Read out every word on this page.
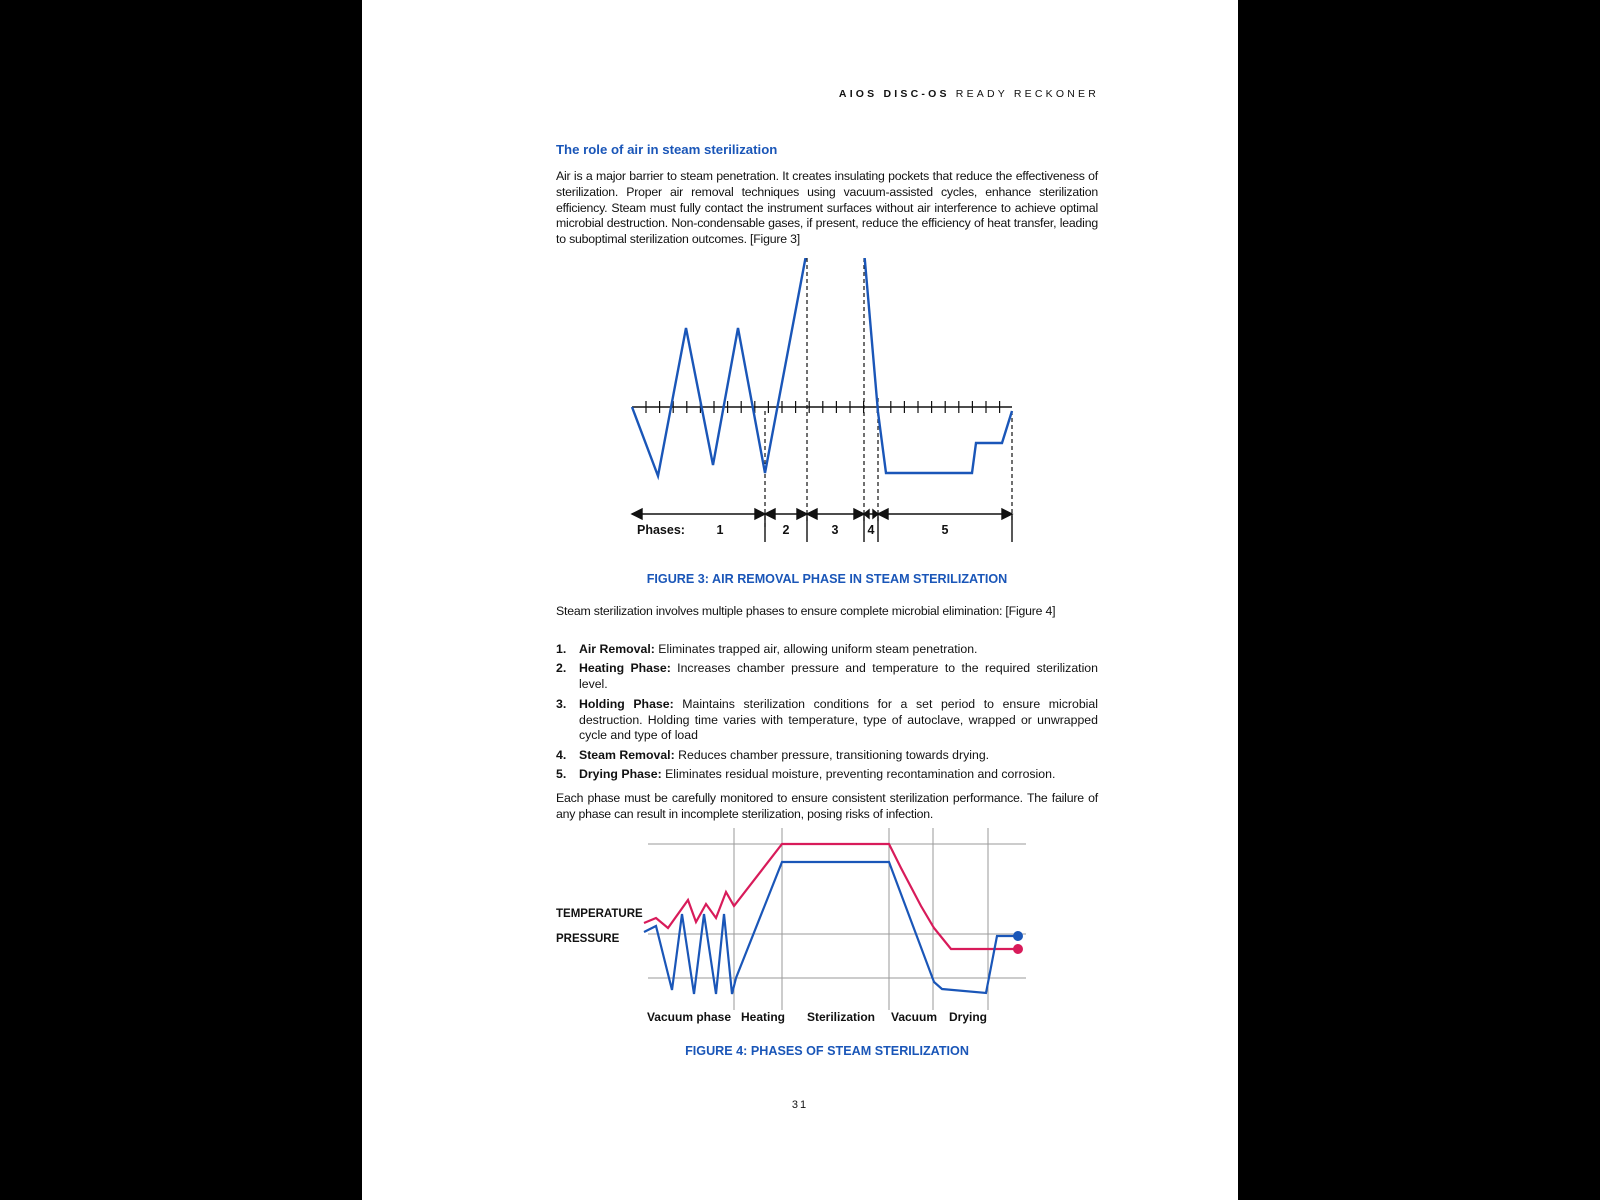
AIOS DISC-OS READY RECKONER
The role of air in steam sterilization

Air is a major barrier to steam penetration. It creates insulating pockets that reduce the effectiveness of sterilization. Proper air removal techniques using vacuum-assisted cycles, enhance sterilization efficiency. Steam must fully contact the instrument surfaces without air interference to achieve optimal microbial destruction. Non-condensable gases, if present, reduce the efficiency of heat transfer, leading to suboptimal sterilization outcomes. [Figure 3]

Phases:	1	2	3 4	5
FIGURE 3: AIR REMOVAL PHASE IN STEAM STERILIZATION

Steam sterilization involves multiple phases to ensure complete microbial elimination: [Figure 4]

1. Air Removal: Eliminates trapped air, allowing uniform steam penetration.
2. Heating Phase: Increases chamber pressure and temperature to the required sterilization level.
3. Holding Phase: Maintains sterilization conditions for a set period to ensure microbial destruction. Holding time varies with temperature, type of autoclave, wrapped or unwrapped cycle and type of load
4. Steam Removal: Reduces chamber pressure, transitioning towards drying.
5. Drying Phase: Eliminates residual moisture, preventing recontamination and corrosion.

Each phase must be carefully monitored to ensure consistent sterilization performance. The failure of any phase can result in incomplete sterilization, posing risks of infection.

TEMPERATURE
PRESSURE
Vacuum phase Heating Sterilization Vacuum Drying
FIGURE 4: PHASES OF STEAM STERILIZATION
31
